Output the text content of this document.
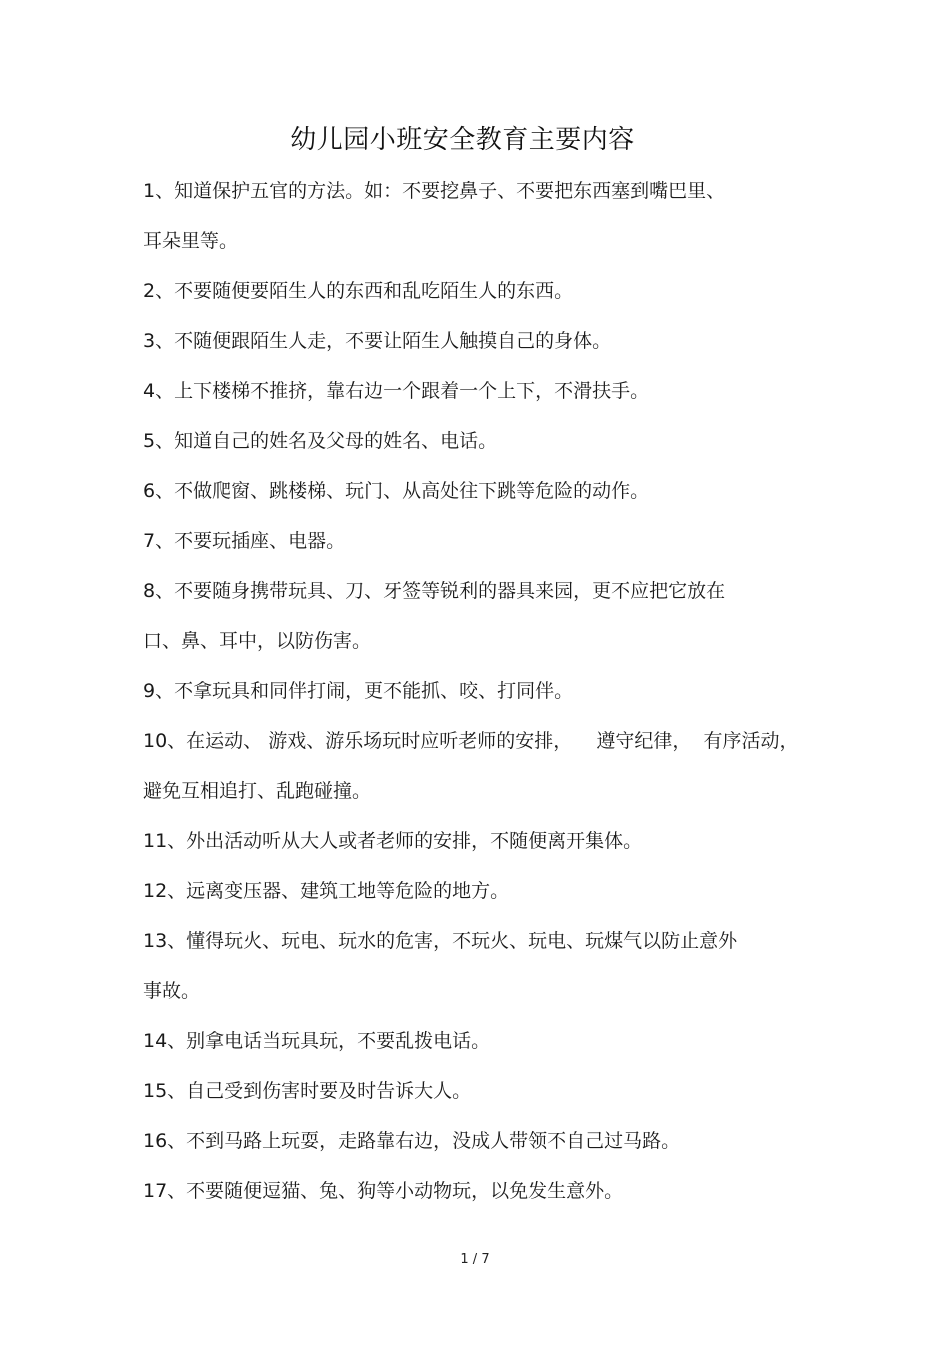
幼儿园小班安全教育主要内容
1、知道保护五官的方法。如：不要挖鼻子、不要把东西塞到嘴巴里、
耳朵里等。
2、不要随便要陌生人的东西和乱吃陌生人的东西。
3、不随便跟陌生人走，不要让陌生人触摸自己的身体。
4、上下楼梯不推挤，靠右边一个跟着一个上下，不滑扶手。
5、知道自己的姓名及父母的姓名、电话。
6、不做爬窗、跳楼梯、玩门、从高处往下跳等危险的动作。
7、不要玩插座、电器。
8、不要随身携带玩具、刀、牙签等锐利的器具来园，更不应把它放在
口、鼻、耳中，以防伤害。
9、不拿玩具和同伴打闹，更不能抓、咬、打同伴。
10、在运动、 游戏、游乐场玩时应听老师的安排，    遵守纪律，  有序活动，
避免互相追打、乱跑碰撞。
11、外出活动听从大人或者老师的安排，不随便离开集体。
12、远离变压器、建筑工地等危险的地方。
13、懂得玩火、玩电、玩水的危害，不玩火、玩电、玩煤气以防止意外
事故。
14、别拿电话当玩具玩，不要乱拨电话。
15、自己受到伤害时要及时告诉大人。
16、不到马路上玩耍，走路靠右边，没成人带领不自己过马路。
17、不要随便逗猫、兔、狗等小动物玩，以免发生意外。
1 / 7
